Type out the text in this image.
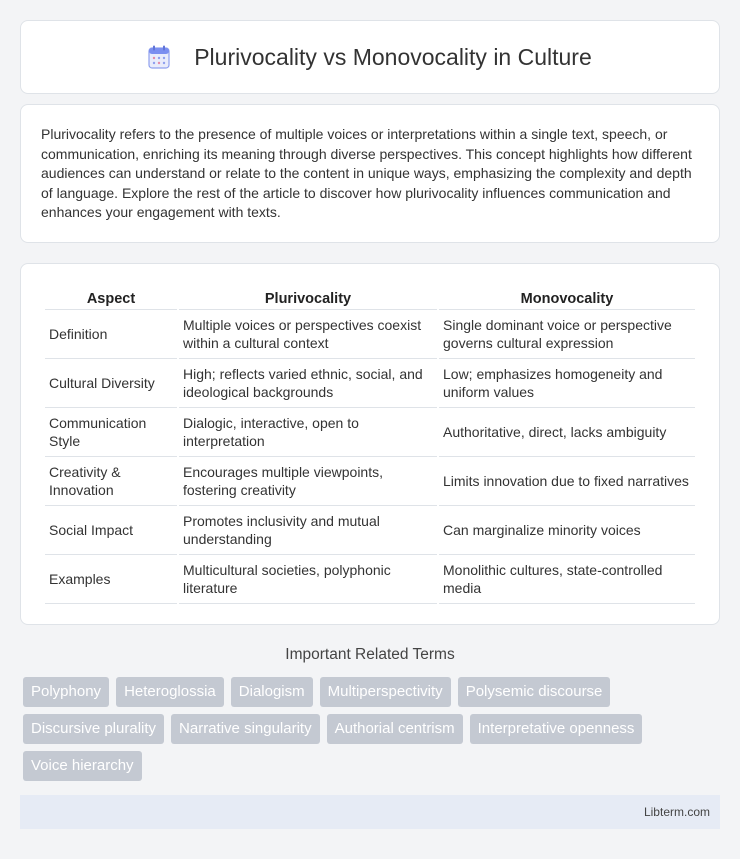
Plurivocality vs Monovocality in Culture

Plurivocality refers to the presence of multiple voices or interpretations within a single text, speech, or communication, enriching its meaning through diverse perspectives. This concept highlights how different audiences can understand or relate to the content in unique ways, emphasizing the complexity and depth of language. Explore the rest of the article to discover how plurivocality influences communication and enhances your engagement with texts.

Aspect	Plurivocality	Monovocality
Definition	Multiple voices or perspectives coexist within a cultural context	Single dominant voice or perspective governs cultural expression
Cultural Diversity	High; reflects varied ethnic, social, and ideological backgrounds	Low; emphasizes homogeneity and uniform values
Communication Style	Dialogic, interactive, open to interpretation	Authoritative, direct, lacks ambiguity
Creativity & Innovation	Encourages multiple viewpoints, fostering creativity	Limits innovation due to fixed narratives
Social Impact	Promotes inclusivity and mutual understanding	Can marginalize minority voices
Examples	Multicultural societies, polyphonic literature	Monolithic cultures, state-controlled media
Important Related Terms
Polyphony	Heteroglossia	Dialogism	Multiperspectivity	Polysemic discourse
Discursive plurality	Narrative singularity	Authorial centrism	Interpretative openness
Voice hierarchy
Libterm.com
